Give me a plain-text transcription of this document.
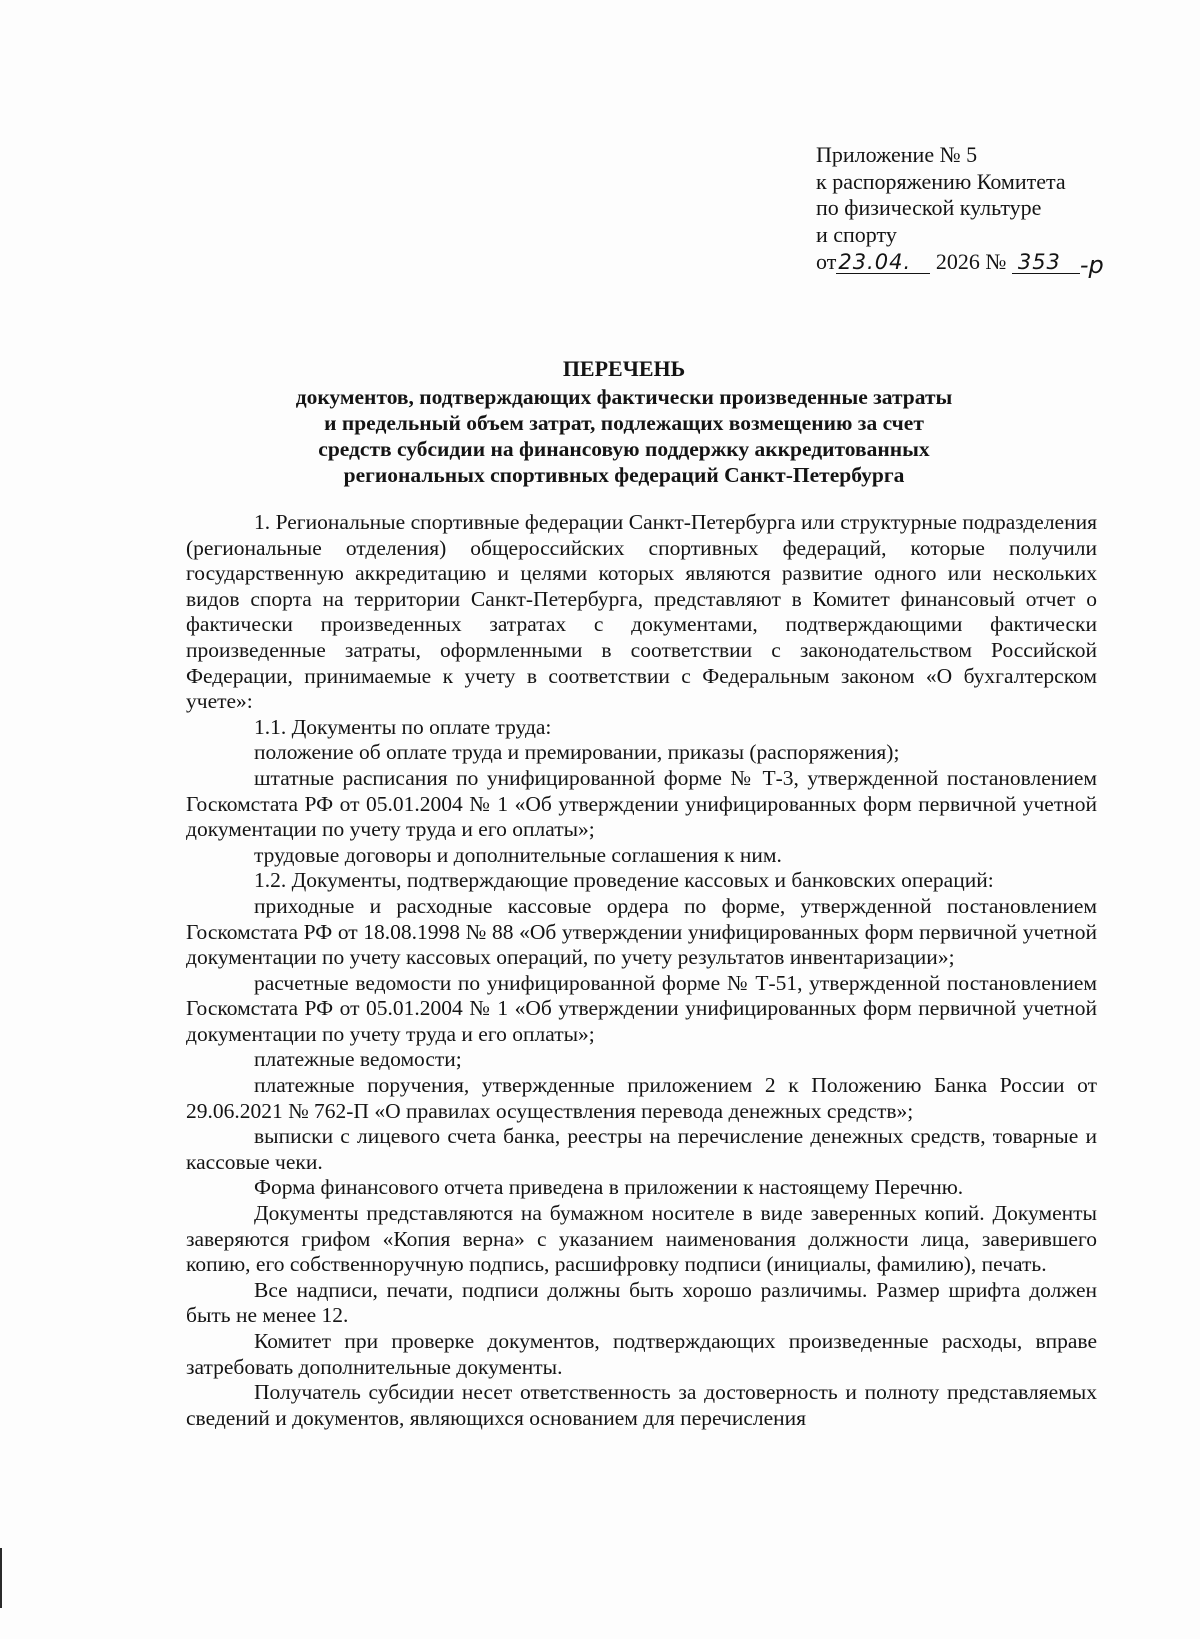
Приложение № 5
к распоряжению Комитета
по физической культуре
и спорту
от23.04. 2026 № 353 -р
ПЕРЕЧЕНЬ
документов, подтверждающих фактически произведенные затраты
и предельный объем затрат, подлежащих возмещению за счет
средств субсидии на финансовую поддержку аккредитованных
региональных спортивных федераций Санкт-Петербурга

1. Региональные спортивные федерации Санкт-Петербурга или структурные подразделения (региональные отделения) общероссийских спортивных федераций, которые получили государственную аккредитацию и целями которых являются развитие одного или нескольких видов спорта на территории Санкт-Петербурга, представляют в Комитет финансовый отчет о фактически произведенных затратах с документами, подтверждающими фактически произведенные затраты, оформленными в соответствии с законодательством Российской Федерации, принимаемые к учету в соответствии с Федеральным законом «О бухгалтерском учете»:

1.1. Документы по оплате труда:

положение об оплате труда и премировании, приказы (распоряжения);

штатные расписания по унифицированной форме № Т-3, утвержденной постановлением Госкомстата РФ от 05.01.2004 № 1 «Об утверждении унифицированных форм первичной учетной документации по учету труда и его оплаты»;

трудовые договоры и дополнительные соглашения к ним.

1.2. Документы, подтверждающие проведение кассовых и банковских операций:

приходные и расходные кассовые ордера по форме, утвержденной постановлением Госкомстата РФ от 18.08.1998 № 88 «Об утверждении унифицированных форм первичной учетной документации по учету кассовых операций, по учету результатов инвентаризации»;

расчетные ведомости по унифицированной форме № Т-51, утвержденной постановлением Госкомстата РФ от 05.01.2004 № 1 «Об утверждении унифицированных форм первичной учетной документации по учету труда и его оплаты»;

платежные ведомости;

платежные поручения, утвержденные приложением 2 к Положению Банка России от 29.06.2021 № 762-П «О правилах осуществления перевода денежных средств»;

выписки с лицевого счета банка, реестры на перечисление денежных средств, товарные и кассовые чеки.

Форма финансового отчета приведена в приложении к настоящему Перечню.

Документы представляются на бумажном носителе в виде заверенных копий. Документы заверяются грифом «Копия верна» с указанием наименования должности лица, заверившего копию, его собственноручную подпись, расшифровку подписи (инициалы, фамилию), печать.

Все надписи, печати, подписи должны быть хорошо различимы. Размер шрифта должен быть не менее 12.

Комитет при проверке документов, подтверждающих произведенные расходы, вправе затребовать дополнительные документы.

Получатель субсидии несет ответственность за достоверность и полноту представляемых сведений и документов, являющихся основанием для перечисления
